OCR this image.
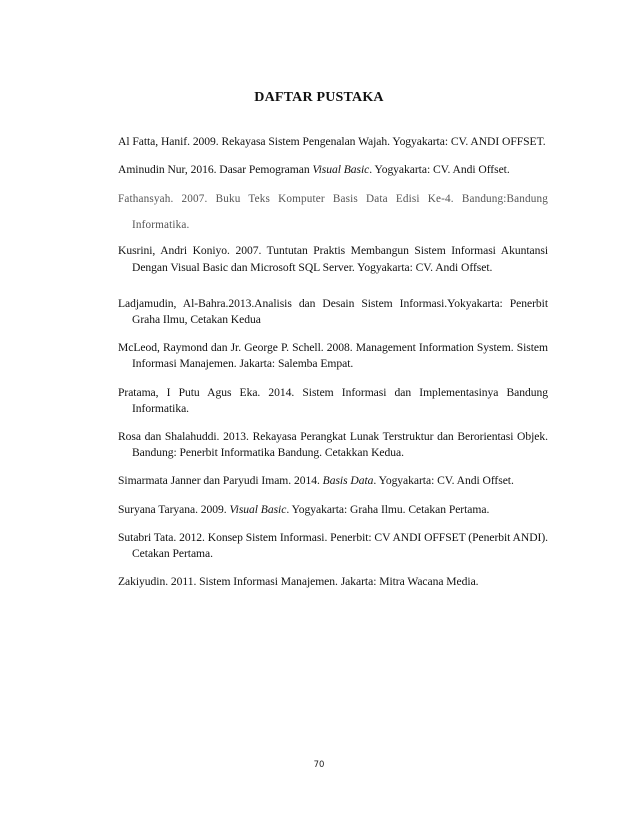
DAFTAR PUSTAKA
Al Fatta, Hanif. 2009. Rekayasa Sistem Pengenalan Wajah. Yogyakarta: CV. ANDI OFFSET.
Aminudin Nur, 2016. Dasar Pemograman Visual Basic. Yogyakarta: CV. Andi Offset.
Fathansyah. 2007. Buku Teks Komputer Basis Data Edisi Ke-4. Bandung:Bandung Informatika.
Kusrini, Andri Koniyo. 2007. Tuntutan Praktis Membangun Sistem Informasi Akuntansi Dengan Visual Basic dan Microsoft SQL Server. Yogyakarta: CV. Andi Offset.
Ladjamudin, Al-Bahra.2013.Analisis dan Desain Sistem Informasi.Yokyakarta: Penerbit Graha Ilmu, Cetakan Kedua
McLeod, Raymond dan Jr. George P. Schell. 2008. Management Information System. Sistem Informasi Manajemen. Jakarta: Salemba Empat.
Pratama, I Putu Agus Eka. 2014. Sistem Informasi dan Implementasinya Bandung Informatika.
Rosa dan Shalahuddi. 2013. Rekayasa Perangkat Lunak Terstruktur dan Berorientasi Objek. Bandung: Penerbit Informatika Bandung. Cetakkan Kedua.
Simarmata Janner dan Paryudi Imam. 2014. Basis Data. Yogyakarta: CV. Andi Offset.
Suryana Taryana. 2009. Visual Basic. Yogyakarta: Graha Ilmu. Cetakan Pertama.
Sutabri Tata. 2012. Konsep Sistem Informasi. Penerbit: CV ANDI OFFSET (Penerbit ANDI). Cetakan Pertama.
Zakiyudin. 2011. Sistem Informasi Manajemen. Jakarta: Mitra Wacana Media.
70
